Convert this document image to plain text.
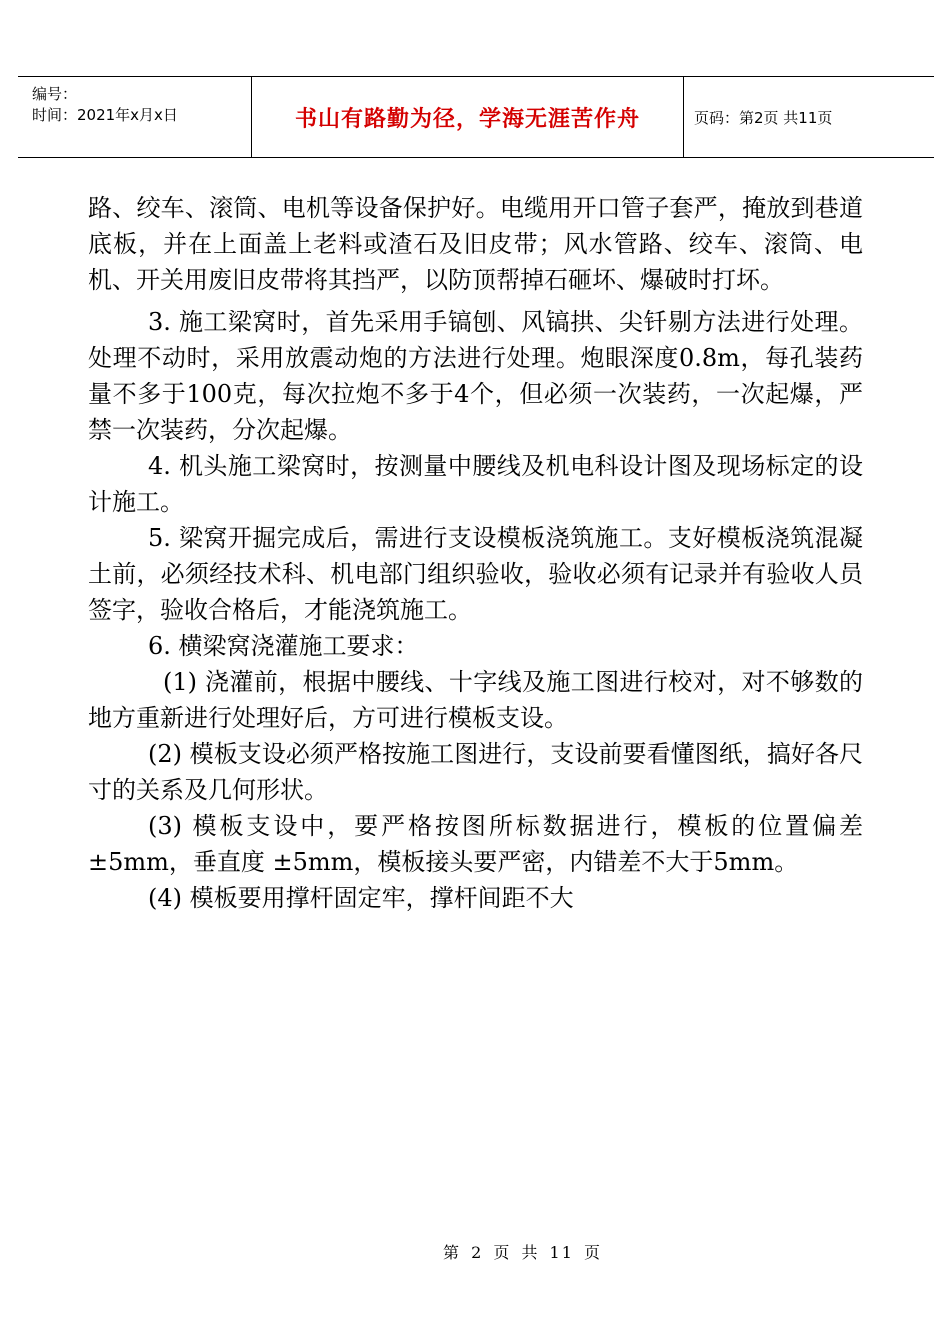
编号：
时间：2021年x月x日	书山有路勤为径，学海无涯苦作舟	页码：第2页 共11页

路、绞车、滚筒、电机等设备保护好。电缆用开口管子套严，掩放到巷道底板，并在上面盖上老料或渣石及旧皮带；风水管路、绞车、滚筒、电机、开关用废旧皮带将其挡严，以防顶帮掉石砸坏、爆破时打坏。

3. 施工梁窝时，首先采用手镐刨、风镐拱、尖钎剔方法进行处理。处理不动时，采用放震动炮的方法进行处理。炮眼深度0.8m，每孔装药量不多于100克，每次拉炮不多于4个，但必须一次装药，一次起爆，严禁一次装药，分次起爆。

4. 机头施工梁窝时，按测量中腰线及机电科设计图及现场标定的设计施工。

5. 梁窝开掘完成后，需进行支设模板浇筑施工。支好模板浇筑混凝土前，必须经技术科、机电部门组织验收，验收必须有记录并有验收人员签字，验收合格后，才能浇筑施工。

6. 横梁窝浇灌施工要求：

(1) 浇灌前，根据中腰线、十字线及施工图进行校对，对不够数的地方重新进行处理好后，方可进行模板支设。

(2) 模板支设必须严格按施工图进行，支设前要看懂图纸，搞好各尺寸的关系及几何形状。

(3) 模板支设中，要严格按图所标数据进行，模板的位置偏差 ±5mm，垂直度 ±5mm，模板接头要严密，内错差不大于5mm。

(4) 模板要用撑杆固定牢，撑杆间距不大

第 2 页 共 11 页
